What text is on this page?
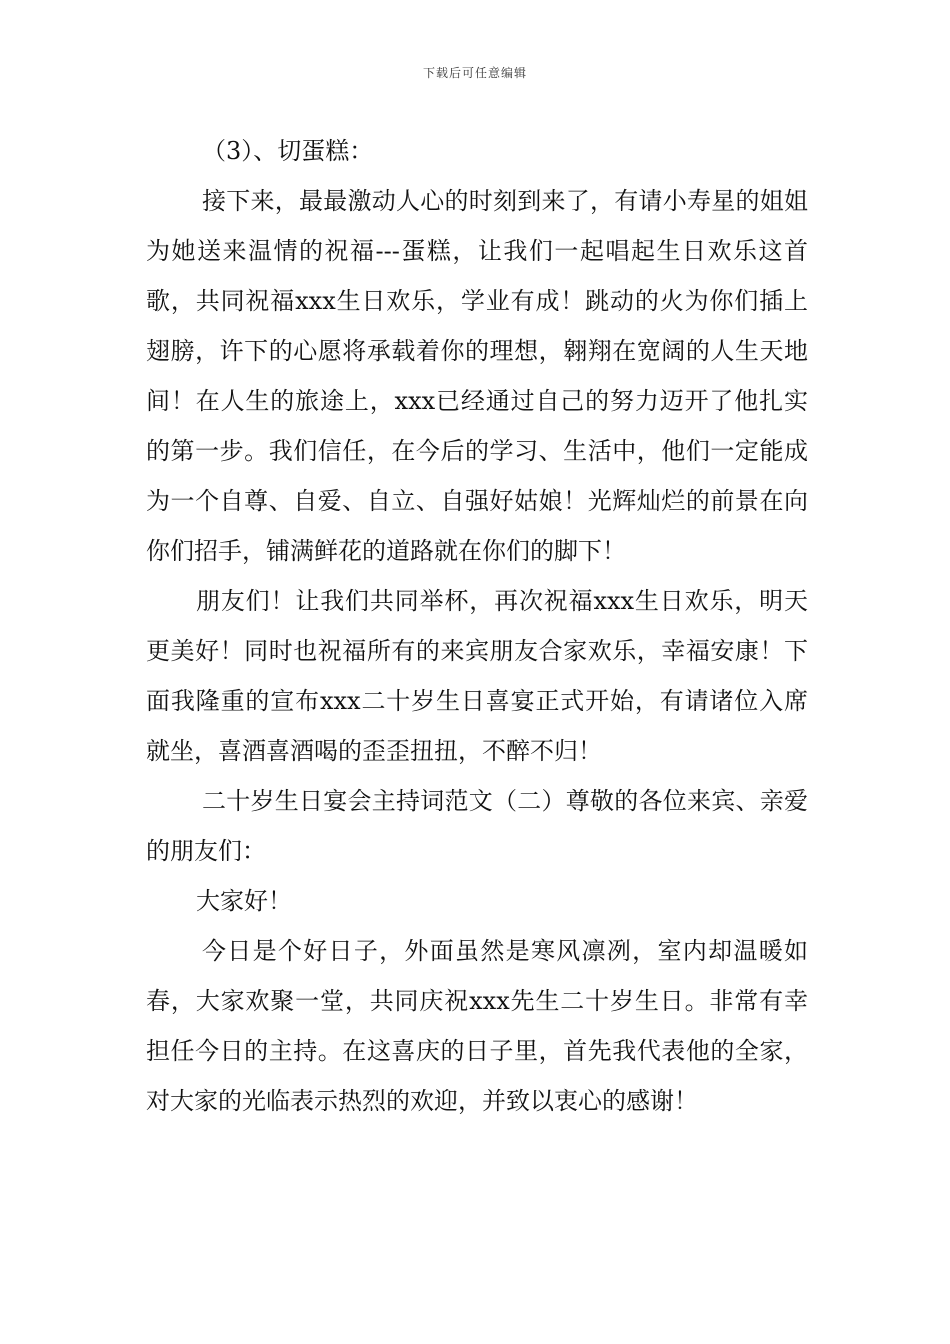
下载后可任意编辑

（3）、切蛋糕：

接下来，最最激动人心的时刻到来了，有请小寿星的姐姐为她送来温情的祝福---蛋糕，让我们一起唱起生日欢乐这首歌，共同祝福xxx生日欢乐，学业有成！跳动的火为你们插上翅膀，许下的心愿将承载着你的理想，翱翔在宽阔的人生天地间！在人生的旅途上，xxx已经通过自己的努力迈开了他扎实的第一步。我们信任，在今后的学习、生活中，他们一定能成为一个自尊、自爱、自立、自强好姑娘！光辉灿烂的前景在向你们招手，铺满鲜花的道路就在你们的脚下！

朋友们！让我们共同举杯，再次祝福xxx生日欢乐，明天更美好！同时也祝福所有的来宾朋友合家欢乐，幸福安康！下面我隆重的宣布xxx二十岁生日喜宴正式开始，有请诸位入席就坐，喜酒喜酒喝的歪歪扭扭，不醉不归！

二十岁生日宴会主持词范文（二）尊敬的各位来宾、亲爱的朋友们：

大家好！

今日是个好日子，外面虽然是寒风凛冽，室内却温暖如春，大家欢聚一堂，共同庆祝xxx先生二十岁生日。非常有幸担任今日的主持。在这喜庆的日子里，首先我代表他的全家，对大家的光临表示热烈的欢迎，并致以衷心的感谢！
